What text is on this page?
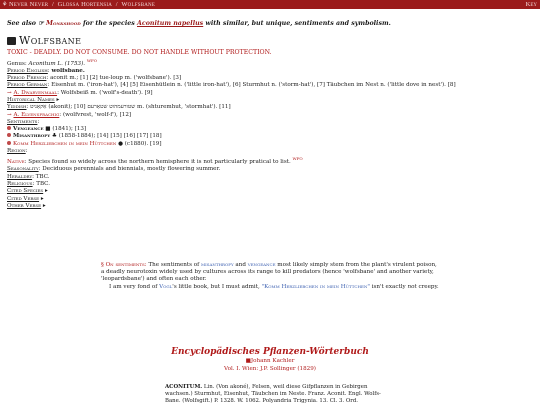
⚘ Never Never / Glossa Hortensia / Wolfsbane	Key
See also ☞ Monkshood for the species Aconitum napellus with similar, but unique, sentiments and symbolism.
Wolfsbane
TOXIC - DEADLY. DO NOT CONSUME. DO NOT HANDLE WITHOUT PROTECTION.
Genus: Aconitum L. (1753). $^{WFO}$
Period English: wolfsbane.
Period French: aconit m.; [1] [2] tue-loup m. ('wolfsbane'). [3]
Period German: Eisenhut m. ('iron-hat'), [4] [5] Eisenhütlein n. ('little iron-hat'), [6] Sturmhut n. ('storm-hat'), [7] Täubchen im Nest n. ('little dove in nest'). [8]
→ A. Dwarvenmaal: Wolfsbeiß m. ('wolf's-death'). [9]
Historical Names ▸
Yiddish: אַקאָניט (akonit); [10] שטורעמהוט שטאָרעם m. (shturemhut, 'stormhat'). [11]
→ A. Elvensprachig: (wolfvrest, 'wolf-f'), [12]
Sentiments:
Vengeance ■ (1841); [13]
Misanthropy ♣ (1858-1884); [14] [15] [16] [17] [18]
Komm Herzliebchen in mein Hüttchen ● (c1880). [19]
Region:
Native: Species found so widely across the northern hemisphere it is not particularly pratical to list. $^{WFO}$
Seasonality: Deciduous perennials and biennials, mostly flowering summer.
Heraldry: TBC.
Religious: TBC.
Cited Species ▸
Cited Verse ▸
Other Verse ▸

§ On sentiments: The sentiments of misanthropy and vengeance most likely simply stem from the plant's virulent poison, a deadly neurotoxin widely used by cultures across its range to kill predators (hence 'wolfsbane' and another variety, 'leopardsbane') and often each other.

I am very fond of Vogl's little book, but I must admit, "Komm Herzliebchen in mein Hüttchen" isn't exactly not creepy.

Encyclopädisches Pflanzen-Wörterbuch
■Johann Kachler
Vol. I. Wien: J.P. Sollinger (1829)
ACONITUM. Lin. (Von akoné), Felsen, weil diese Gifpflanzen in Gebirgen wachsen.) Sturmhut, Eisenhut, Täubchen im Neste. Franz. Aconit. Engl. Wolfs-Bane. (Wolfsgift.) P. 1328. W. 1062. Polyandria Trigynia. 13. Cl. 3. Ord.
